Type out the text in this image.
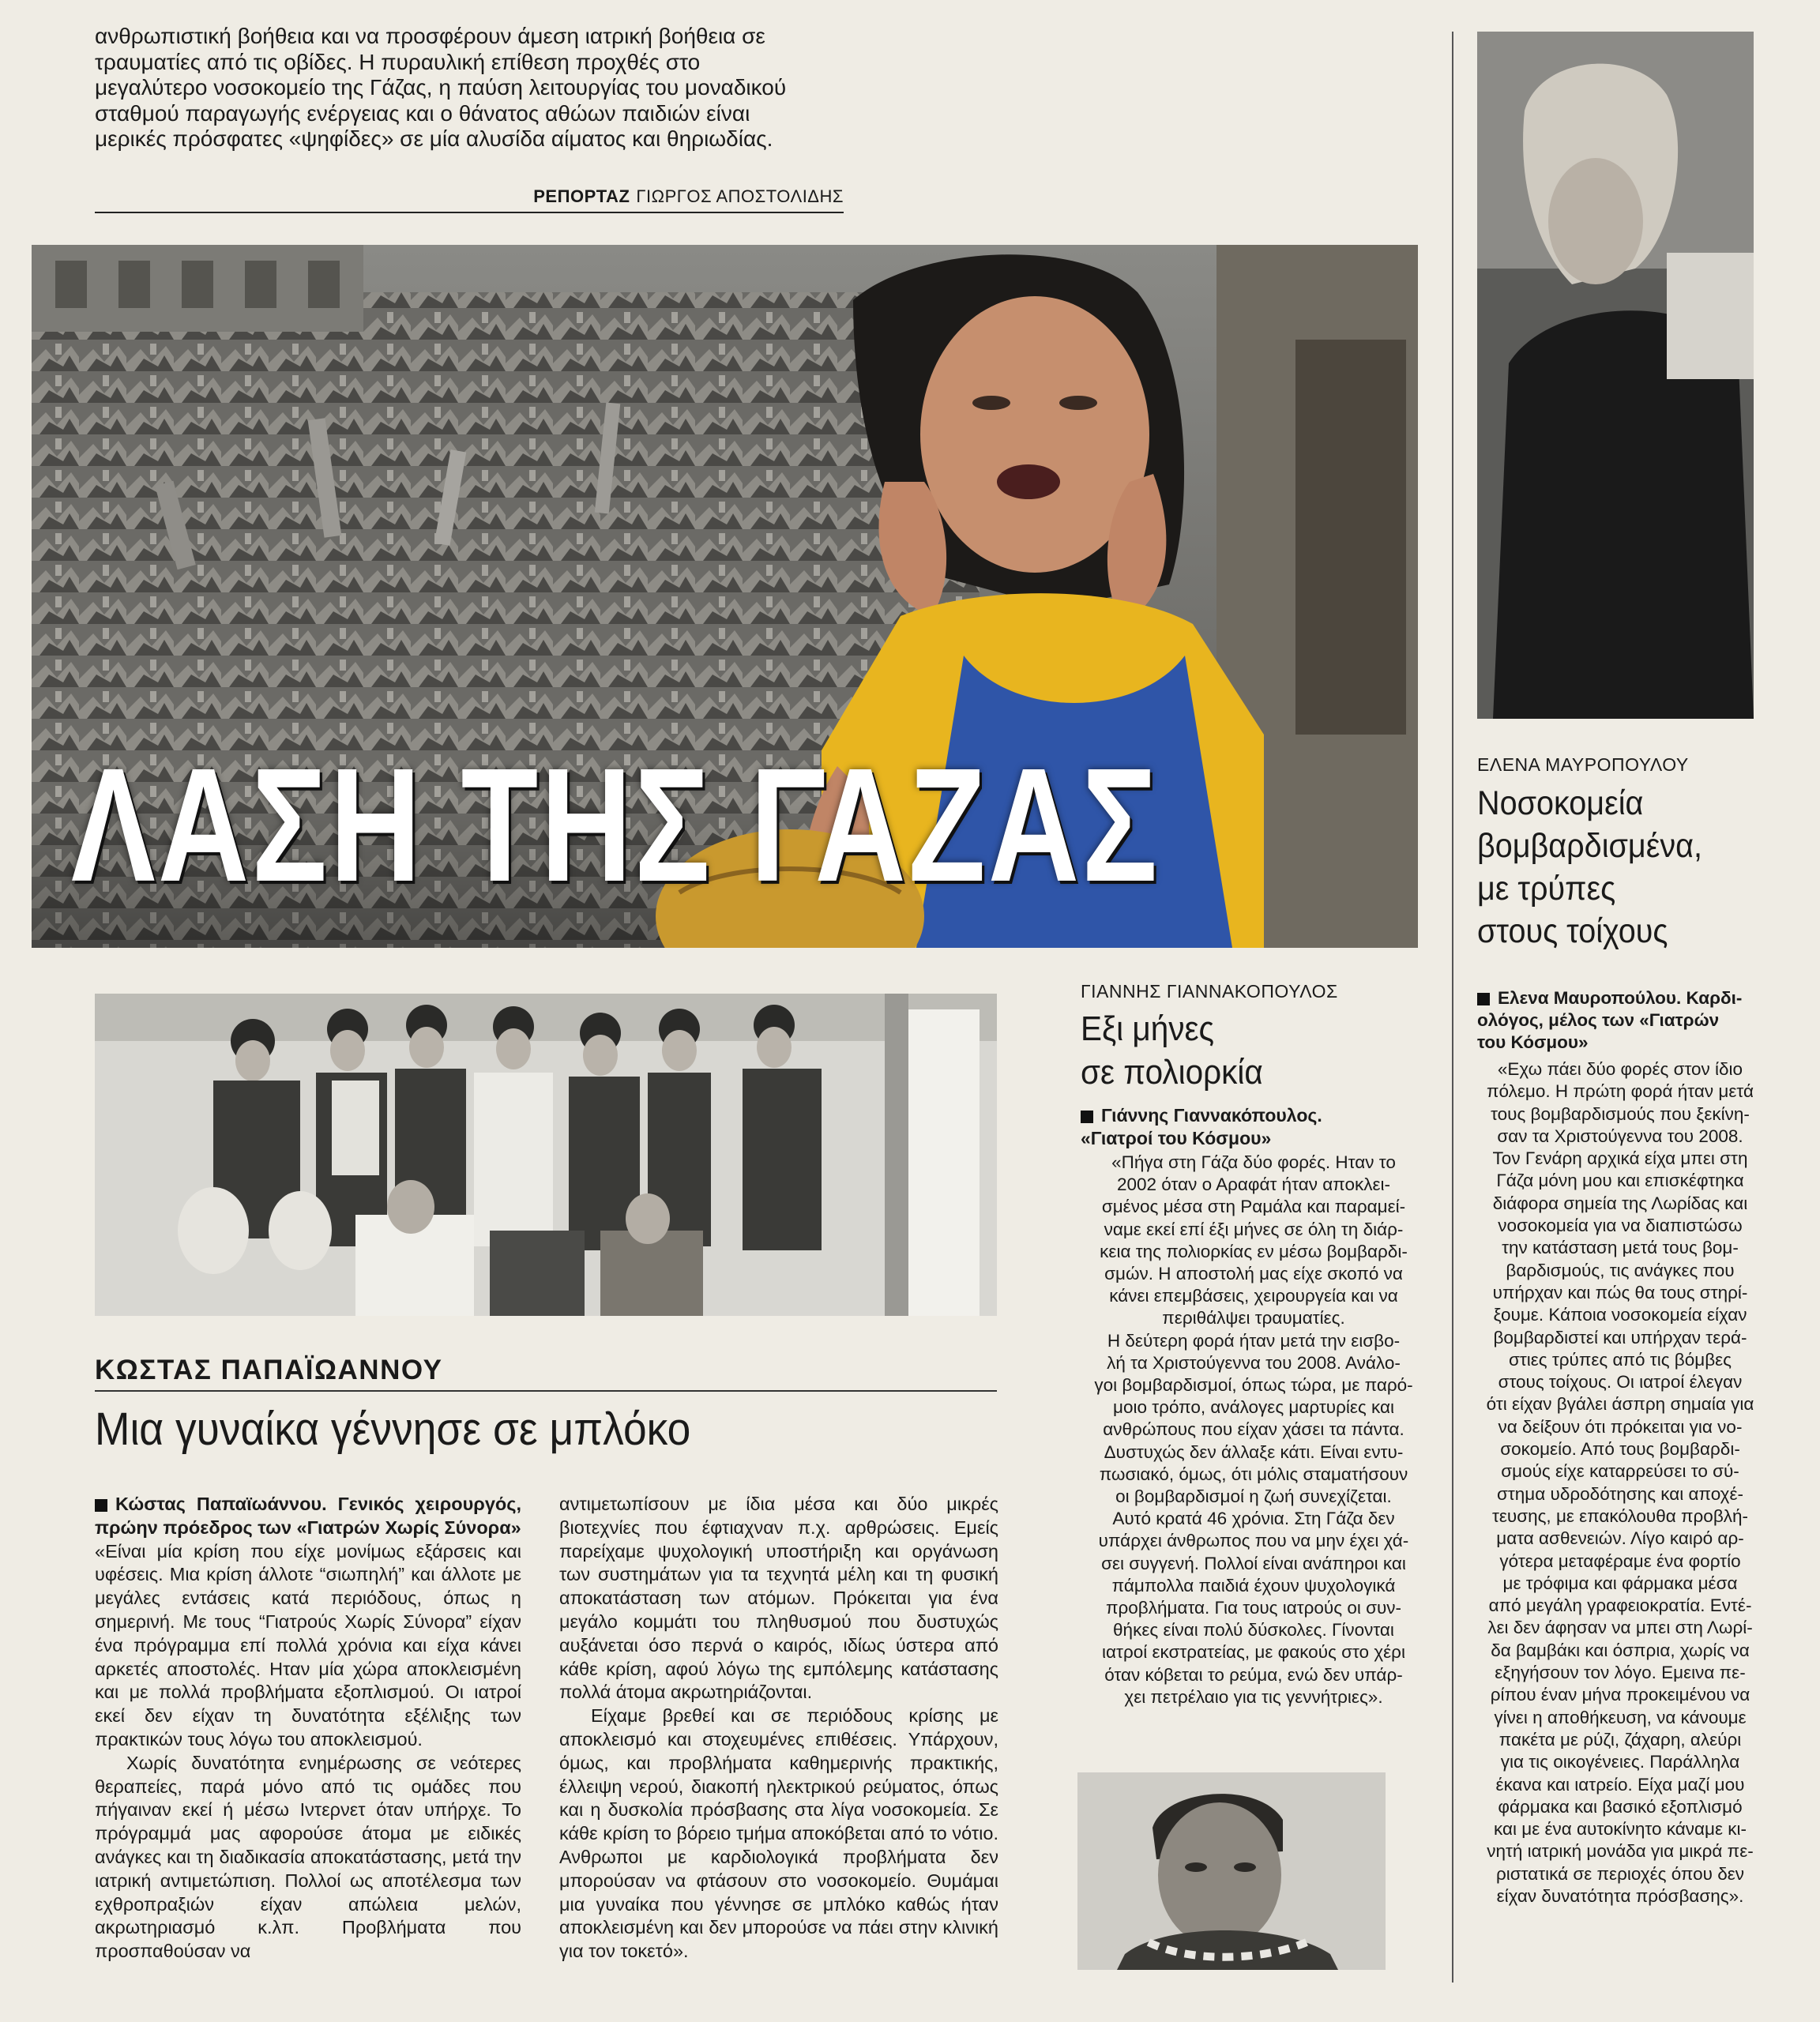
ανθρωπιστική βοήθεια και να προσφέρουν άμεση ιατρική βοήθεια σε
τραυματίες από τις οβίδες. Η πυραυλική επίθεση προχθές στο
μεγαλύτερο νοσοκομείο της Γάζας, η παύση λειτουργίας του μοναδικού
σταθμού παραγωγής ενέργειας και ο θάνατος αθώων παιδιών είναι
μερικές πρόσφατες «ψηφίδες» σε μία αλυσίδα αίματος και θηριωδίας.
ΡΕΠΟΡΤΑΖ ΓΙΩΡΓΟΣ ΑΠΟΣΤΟΛΙΔΗΣ
ΛΑΣΗ ΤΗΣ ΓΑΖΑΣ	ΕΛΕΝΑ ΜΑΥΡΟΠΟΥΛΟΥ
Νοσοκομεία
βομβαρδισμένα,
με τρύπες
στους τοίχους
Ελενα Μαυροπούλου. Καρδι-
ολόγος, μέλος των «Γιατρών
του Κόσμου»
«Εχω πάει δύο φορές στον ίδιο
πόλεμο. Η πρώτη φορά ήταν μετά
τους βομβαρδισμούς που ξεκίνη-
σαν τα Χριστούγεννα του 2008.
Τον Γενάρη αρχικά είχα μπει στη
Γάζα μόνη μου και επισκέφτηκα
διάφορα σημεία της Λωρίδας και
νοσοκομεία για να διαπιστώσω
την κατάσταση μετά τους βομ-
βαρδισμούς, τις ανάγκες που
υπήρχαν και πώς θα τους στηρί-
ξουμε. Κάποια νοσοκομεία είχαν
βομβαρδιστεί και υπήρχαν τερά-
στιες τρύπες από τις βόμβες
στους τοίχους. Οι ιατροί έλεγαν
ότι είχαν βγάλει άσπρη σημαία για
να δείξουν ότι πρόκειται για νο-
σοκομείο. Από τους βομβαρδι-
σμούς είχε καταρρεύσει το σύ-
στημα υδροδότησης και αποχέ-
τευσης, με επακόλουθα προβλή-
ματα ασθενειών. Λίγο καιρό αρ-
γότερα μεταφέραμε ένα φορτίο
με τρόφιμα και φάρμακα μέσα
από μεγάλη γραφειοκρατία. Εντέ-
λει δεν άφησαν να μπει στη Λωρί-
δα βαμβάκι και όσπρια, χωρίς να
εξηγήσουν τον λόγο. Εμεινα πε-
ρίπου έναν μήνα προκειμένου να
γίνει η αποθήκευση, να κάνουμε
πακέτα με ρύζι, ζάχαρη, αλεύρι
για τις οικογένειες. Παράλληλα
έκανα και ιατρείο. Είχα μαζί μου
φάρμακα και βασικό εξοπλισμό
και με ένα αυτοκίνητο κάναμε κι-
νητή ιατρική μονάδα για μικρά πε-
ριστατικά σε περιοχές όπου δεν
είχαν δυνατότητα πρόσβασης».
ΓΙΑΝΝΗΣ ΓΙΑΝΝΑΚΟΠΟΥΛΟΣ
Εξι μήνες
σε πολιορκία
Γιάννης Γιαννακόπουλος.
«Γιατροί του Κόσμου»
«Πήγα στη Γάζα δύο φορές. Ηταν το
2002 όταν ο Αραφάτ ήταν αποκλει-
σμένος μέσα στη Ραμάλα και παραμεί-
ναμε εκεί επί έξι μήνες σε όλη τη διάρ-
κεια της πολιορκίας εν μέσω βομβαρδι-
σμών. Η αποστολή μας είχε σκοπό να
κάνει επεμβάσεις, χειρουργεία και να
περιθάλψει τραυματίες.
Η δεύτερη φορά ήταν μετά την εισβο-
λή τα Χριστούγεννα του 2008. Ανάλο-
γοι βομβαρδισμοί, όπως τώρα, με παρό-
μοιο τρόπο, ανάλογες μαρτυρίες και
ανθρώπους που είχαν χάσει τα πάντα.
Δυστυχώς δεν άλλαξε κάτι. Είναι εντυ-
πωσιακό, όμως, ότι μόλις σταματήσουν
οι βομβαρδισμοί η ζωή συνεχίζεται.
Αυτό κρατά 46 χρόνια. Στη Γάζα δεν
υπάρχει άνθρωπος που να μην έχει χά-
σει συγγενή. Πολλοί είναι ανάπηροι και
πάμπολλα παιδιά έχουν ψυχολογικά
προβλήματα. Για τους ιατρούς οι συν-
θήκες είναι πολύ δύσκολες. Γίνονται
ιατροί εκστρατείας, με φακούς στο χέρι
όταν κόβεται το ρεύμα, ενώ δεν υπάρ-
χει πετρέλαιο για τις γεννήτριες».
ΚΩΣΤΑΣ ΠΑΠΑΪΩΑΝΝΟΥ
Μια γυναίκα γέννησε σε μπλόκο
Κώστας Παπαϊωάννου. Γενικός χειρουργός, πρώην πρόεδρος των «Γιατρών Χωρίς Σύνορα»
«Είναι μία κρίση που είχε μονίμως εξάρσεις και υφέσεις. Μια κρίση άλλοτε “σιωπηλή” και άλλοτε με μεγάλες εντάσεις κατά περιόδους, όπως η σημερινή. Με τους “Γιατρούς Χωρίς Σύνορα” είχαν ένα πρόγραμμα επί πολλά χρόνια και είχα κάνει αρκετές αποστολές. Ηταν μία χώρα αποκλεισμένη και με πολλά προβλήματα εξοπλισμού. Οι ιατροί εκεί δεν είχαν τη δυνατότητα εξέλιξης των πρακτικών τους λόγω του αποκλεισμού.
Χωρίς δυνατότητα ενημέρωσης σε νεότερες θεραπείες, παρά μόνο από τις ομάδες που πήγαιναν εκεί ή μέσω Ιντερνετ όταν υπήρχε. Το πρόγραμμά μας αφορούσε άτομα με ειδικές ανάγκες και τη διαδικασία αποκατάστασης, μετά την ιατρική αντιμετώπιση. Πολλοί ως αποτέλεσμα των εχθροπραξιών είχαν απώλεια μελών, ακρωτηριασμό κ.λπ. Προβλήματα που προσπαθούσαν να
αντιμετωπίσουν με ίδια μέσα και δύο μικρές βιοτεχνίες που έφτιαχναν π.χ. αρθρώσεις. Εμείς παρείχαμε ψυχολογική υποστήριξη και οργάνωση των συστημάτων για τα τεχνητά μέλη και τη φυσική αποκατάσταση των ατόμων. Πρόκειται για ένα μεγάλο κομμάτι του πληθυσμού που δυστυχώς αυξάνεται όσο περνά ο καιρός, ιδίως ύστερα από κάθε κρίση, αφού λόγω της εμπόλεμης κατάστασης πολλά άτομα ακρωτηριάζονται.
Είχαμε βρεθεί και σε περιόδους κρίσης με αποκλεισμό και στοχευμένες επιθέσεις. Υπάρχουν, όμως, και προβλήματα καθημερινής πρακτικής, έλλειψη νερού, διακοπή ηλεκτρικού ρεύματος, όπως και η δυσκολία πρόσβασης στα λίγα νοσοκομεία. Σε κάθε κρίση το βόρειο τμήμα αποκόβεται από το νότιο. Ανθρωποι με καρδιολογικά προβλήματα δεν μπορούσαν να φτάσουν στο νοσοκομείο. Θυμάμαι μια γυναίκα που γέννησε σε μπλόκο καθώς ήταν αποκλεισμένη και δεν μπορούσε να πάει στην κλινική για τον τοκετό».
